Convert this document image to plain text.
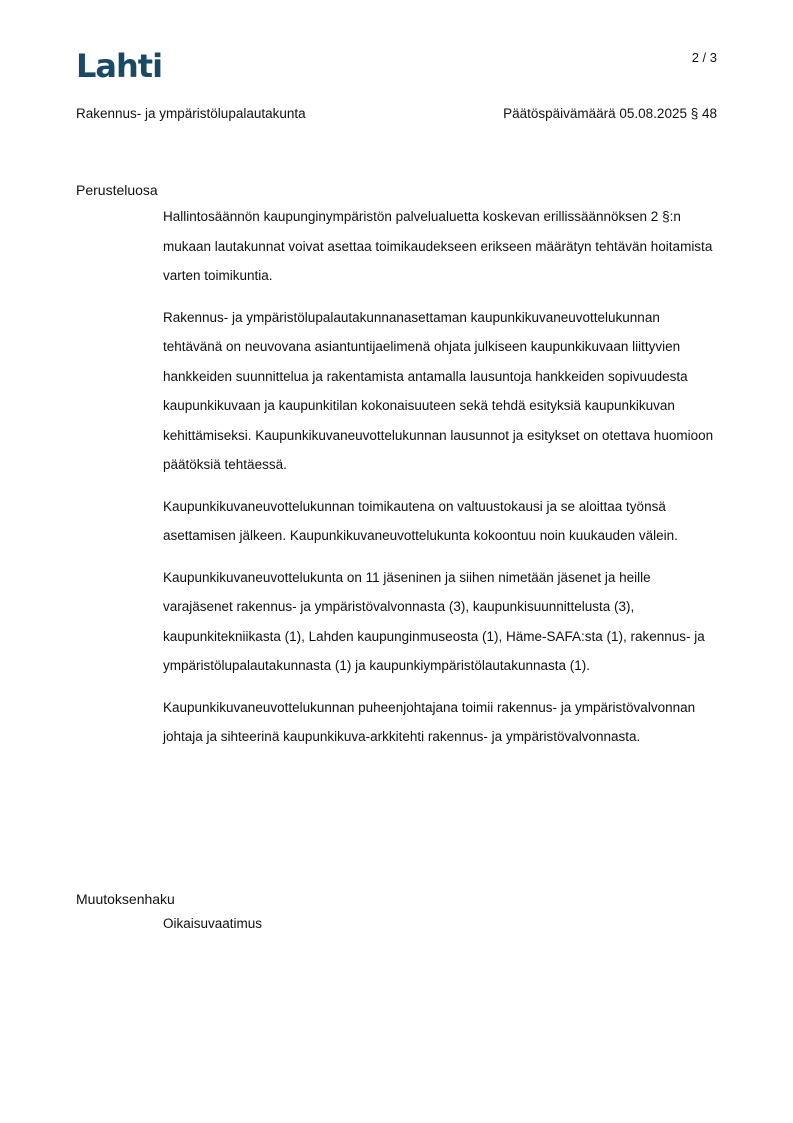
Lahti	2 / 3
Rakennus- ja ympäristölupalautakunta	Päätöspäivämäärä 05.08.2025 § 48
Perusteluosa

Hallintosäännön kaupunginympäristön palvelualuetta koskevan erillissäännöksen 2 §:n mukaan lautakunnat voivat asettaa toimikaudekseen erikseen määrätyn tehtävän hoitamista varten toimikuntia.

Rakennus- ja ympäristölupalautakunnanasettaman kaupunkikuvaneuvottelukunnan tehtävänä on neuvovana asiantuntijaelimenä ohjata julkiseen kaupunkikuvaan liittyvien hankkeiden suunnittelua ja rakentamista antamalla lausuntoja hankkeiden sopivuudesta kaupunkikuvaan ja kaupunkitilan kokonaisuuteen sekä tehdä esityksiä kaupunkikuvan kehittämiseksi. Kaupunkikuvaneuvottelukunnan lausunnot ja esitykset on otettava huomioon päätöksiä tehtäessä.

Kaupunkikuvaneuvottelukunnan toimikautena on valtuustokausi ja se aloittaa työnsä asettamisen jälkeen. Kaupunkikuvaneuvottelukunta kokoontuu noin kuukauden välein.

Kaupunkikuvaneuvottelukunta on 11 jäseninen ja siihen nimetään jäsenet ja heille varajäsenet rakennus- ja ympäristövalvonnasta (3), kaupunkisuunnittelusta (3), kaupunkitekniikasta (1), Lahden kaupunginmuseosta (1), Häme-SAFA:sta (1), rakennus- ja ympäristölupalautakunnasta (1) ja kaupunkiympäristölautakunnasta (1).

Kaupunkikuvaneuvottelukunnan puheenjohtajana toimii rakennus- ja ympäristövalvonnan johtaja ja sihteerinä kaupunkikuva-arkkitehti rakennus- ja ympäristövalvonnasta.

Muutoksenhaku
Oikaisuvaatimus
